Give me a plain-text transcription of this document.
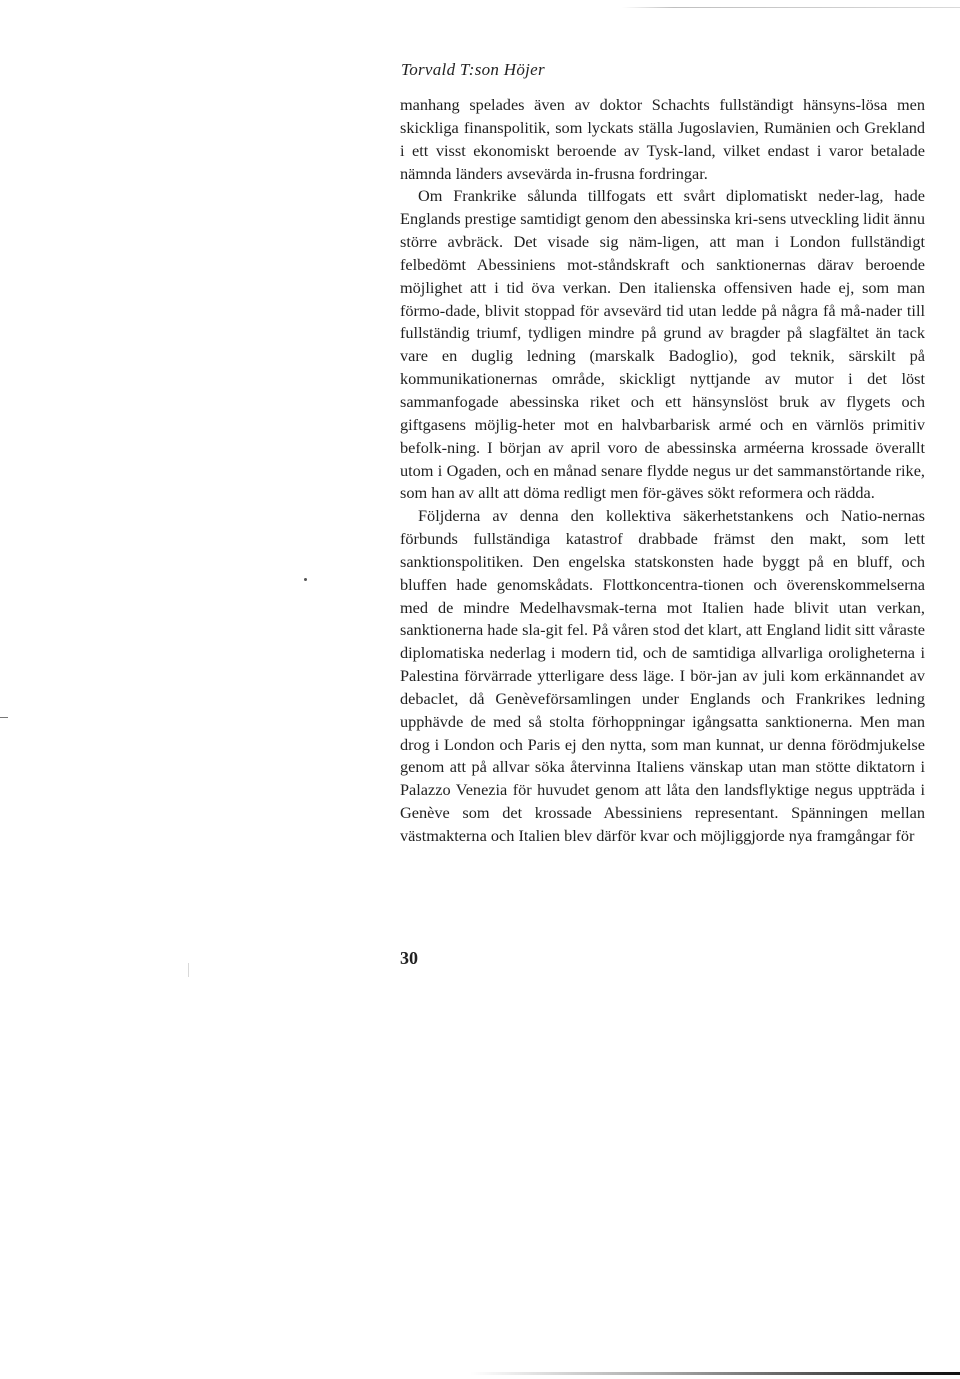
Torvald T:son Höjer

manhang spelades även av doktor Schachts fullständigt hänsyns-lösa men skickliga finanspolitik, som lyckats ställa Jugoslavien, Rumänien och Grekland i ett visst ekonomiskt beroende av Tysk-land, vilket endast i varor betalade nämnda länders avsevärda in-frusna fordringar.

Om Frankrike sålunda tillfogats ett svårt diplomatiskt neder-lag, hade Englands prestige samtidigt genom den abessinska kri-sens utveckling lidit ännu större avbräck. Det visade sig näm-ligen, att man i London fullständigt felbedömt Abessiniens mot-ståndskraft och sanktionernas därav beroende möjlighet att i tid öva verkan. Den italienska offensiven hade ej, som man förmo-dade, blivit stoppad för avsevärd tid utan ledde på några få må-nader till fullständig triumf, tydligen mindre på grund av bragder på slagfältet än tack vare en duglig ledning (marskalk Badoglio), god teknik, särskilt på kommunikationernas område, skickligt nyttjande av mutor i det löst sammanfogade abessinska riket och ett hänsynslöst bruk av flygets och giftgasens möjlig-heter mot en halvbarbarisk armé och en värnlös primitiv befolk-ning. I början av april voro de abessinska arméerna krossade överallt utom i Ogaden, och en månad senare flydde negus ur det sammanstörtande rike, som han av allt att döma redligt men för-gäves sökt reformera och rädda.

Följderna av denna den kollektiva säkerhetstankens och Natio-nernas förbunds fullständiga katastrof drabbade främst den makt, som lett sanktionspolitiken. Den engelska statskonsten hade byggt på en bluff, och bluffen hade genomskådats. Flottkoncentra-tionen och överenskommelserna med de mindre Medelhavsmak-terna mot Italien hade blivit utan verkan, sanktionerna hade sla-git fel. På våren stod det klart, att England lidit sitt våraste diplomatiska nederlag i modern tid, och de samtidiga allvarliga oroligheterna i Palestina förvärrade ytterligare dess läge. I bör-jan av juli kom erkännandet av debaclet, då Genèveförsamlingen under Englands och Frankrikes ledning upphävde de med så stolta förhoppningar igångsatta sanktionerna. Men man drog i London och Paris ej den nytta, som man kunnat, ur denna förödmjukelse genom att på allvar söka återvinna Italiens vänskap utan man stötte diktatorn i Palazzo Venezia för huvudet genom att låta den landsflyktige negus uppträda i Genève som det krossade Abessiniens representant. Spänningen mellan västmakterna och Italien blev därför kvar och möjliggjorde nya framgångar för

30
